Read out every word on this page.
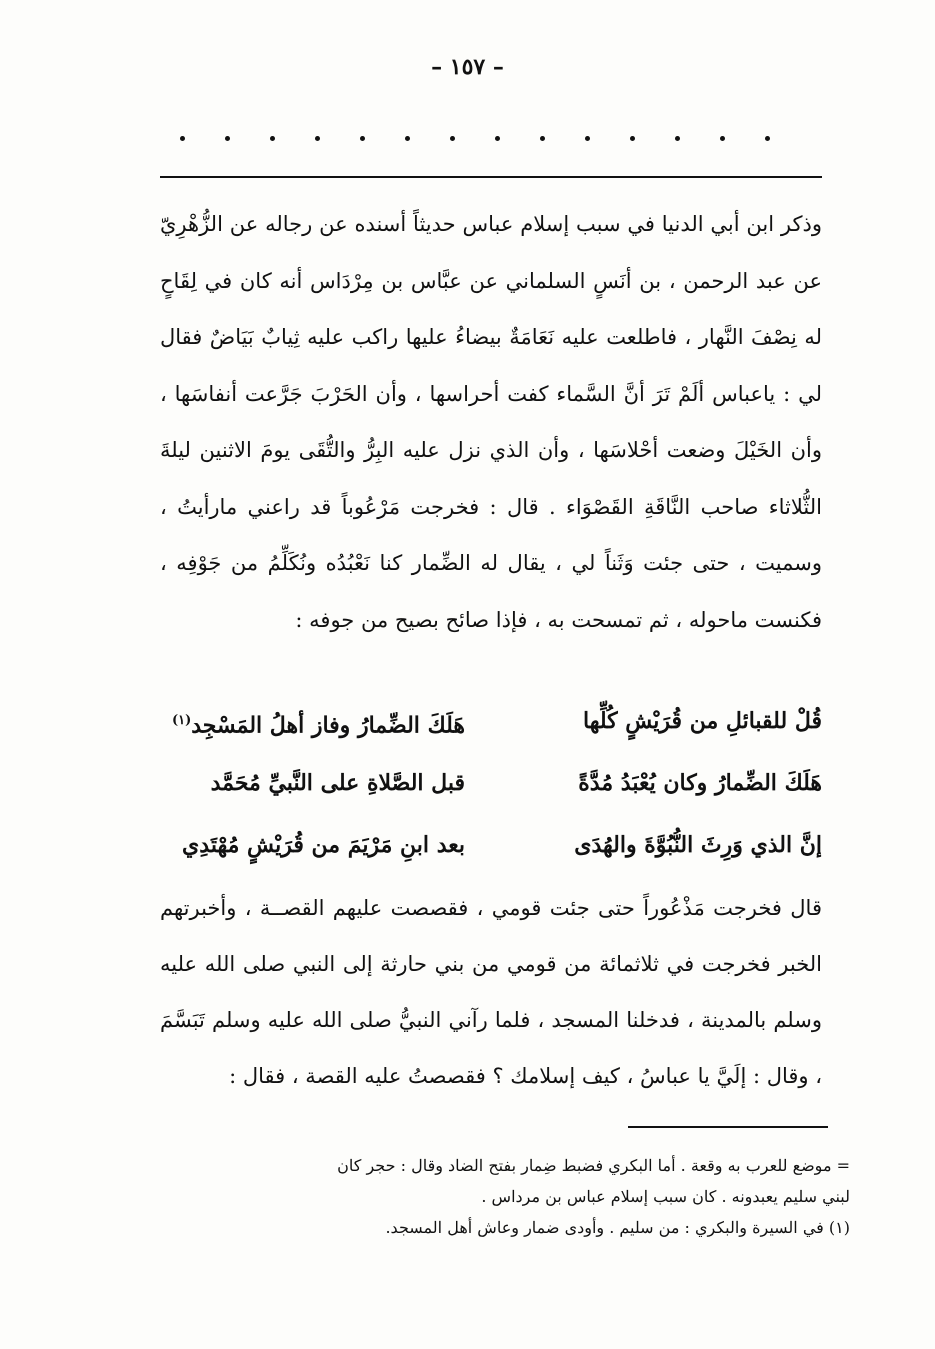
– ١٥٧ –

وذكر ابن أبي الدنيا في سبب إسلام عباس حديثاً أسنده عن رجاله عن الزُّهْرِيّ عن عبد الرحمن ، بن أنَسٍ السلماني عن عبَّاس بن مِرْدَاس أنه كان في لِقَاحٍ له نِصْفَ النَّهار ، فاطلعت عليه نَعَامَةٌ بيضاءُ عليها راكب عليه ثِيابٌ بَيَاضٌ فقال لي : ياعباس ألَمْ تَرَ أنَّ السَّماء كفت أحراسها ، وأن الحَرْبَ جَرَّعت أنفاسَها ، وأن الخَيْلَ وضعت أحْلاسَها ، وأن الذي نزل عليه البِرُّ والتُّقَى يومَ الاثنين ليلةَ الثُّلاثاء صاحب النَّاقَةِ القَصْوَاء . قال : فخرجت مَرْعُوباً قد راعني مارأيتُ ، وسميت ، حتى جئت وَثَناً لي ، يقال له الضِّمار كنا نَعْبُدُه ونُكَلِّمُ من جَوْفِه ، فكنست ماحوله ، ثم تمسحت به ، فإذا صائح بصيح من جوفه :

قُلْ للقبائلِ من قُرَيْشٍ كُلِّها
هَلَكَ الضِّمارُ وفاز أهلُ المَسْجِد$^{(١)}$
هَلَكَ الضِّمارُ وكان يُعْبَدُ مُدَّةً
قبل الصَّلاةِ على النَّبيِّ مُحَمَّد
إنَّ الذي وَرِثَ النُّبُوَّةَ والهُدَى
بعد ابنِ مَرْيَمَ من قُرَيْشٍ مُهْتَدِي

قال فخرجت مَذْعُوراً حتى جئت قومي ، فقصصت عليهم القصــة ، وأخبرتهم الخبر فخرجت في ثلاثمائة من قومي من بني حارثة إلى النبي صلى الله عليه وسلم بالمدينة ، فدخلنا المسجد ، فلما رآني النبيُّ صلى الله عليه وسلم تَبَسَّمَ ، وقال : إلَيَّ يا عباسُ ، كيف إسلامك ؟ فقصصتُ عليه القصة ، فقال :

= موضع للعرب به وقعة . أما البكري فضبط ضِمار بفتح الضاد وقال : حجر كان

لبني سليم يعبدونه . كان سبب إسلام عباس بن مرداس .

(١) في السيرة والبكري : من سليم . وأودى ضمار وعاش أهل المسجد.
